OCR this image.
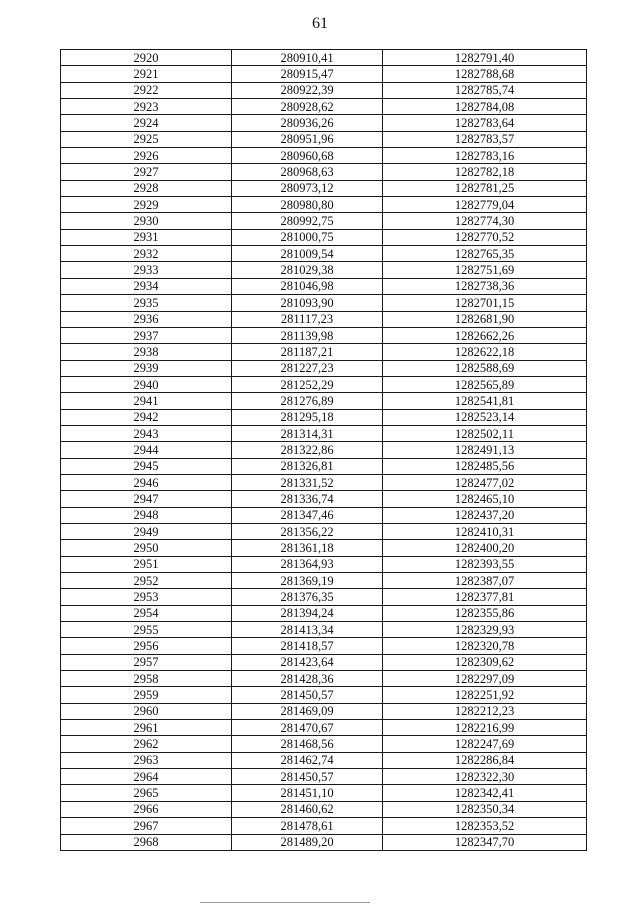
61
2920	280910,41	1282791,40
2921	280915,47	1282788,68
2922	280922,39	1282785,74
2923	280928,62	1282784,08
2924	280936,26	1282783,64
2925	280951,96	1282783,57
2926	280960,68	1282783,16
2927	280968,63	1282782,18
2928	280973,12	1282781,25
2929	280980,80	1282779,04
2930	280992,75	1282774,30
2931	281000,75	1282770,52
2932	281009,54	1282765,35
2933	281029,38	1282751,69
2934	281046,98	1282738,36
2935	281093,90	1282701,15
2936	281117,23	1282681,90
2937	281139,98	1282662,26
2938	281187,21	1282622,18
2939	281227,23	1282588,69
2940	281252,29	1282565,89
2941	281276,89	1282541,81
2942	281295,18	1282523,14
2943	281314,31	1282502,11
2944	281322,86	1282491,13
2945	281326,81	1282485,56
2946	281331,52	1282477,02
2947	281336,74	1282465,10
2948	281347,46	1282437,20
2949	281356,22	1282410,31
2950	281361,18	1282400,20
2951	281364,93	1282393,55
2952	281369,19	1282387,07
2953	281376,35	1282377,81
2954	281394,24	1282355,86
2955	281413,34	1282329,93
2956	281418,57	1282320,78
2957	281423,64	1282309,62
2958	281428,36	1282297,09
2959	281450,57	1282251,92
2960	281469,09	1282212,23
2961	281470,67	1282216,99
2962	281468,56	1282247,69
2963	281462,74	1282286,84
2964	281450,57	1282322,30
2965	281451,10	1282342,41
2966	281460,62	1282350,34
2967	281478,61	1282353,52
2968	281489,20	1282347,70
